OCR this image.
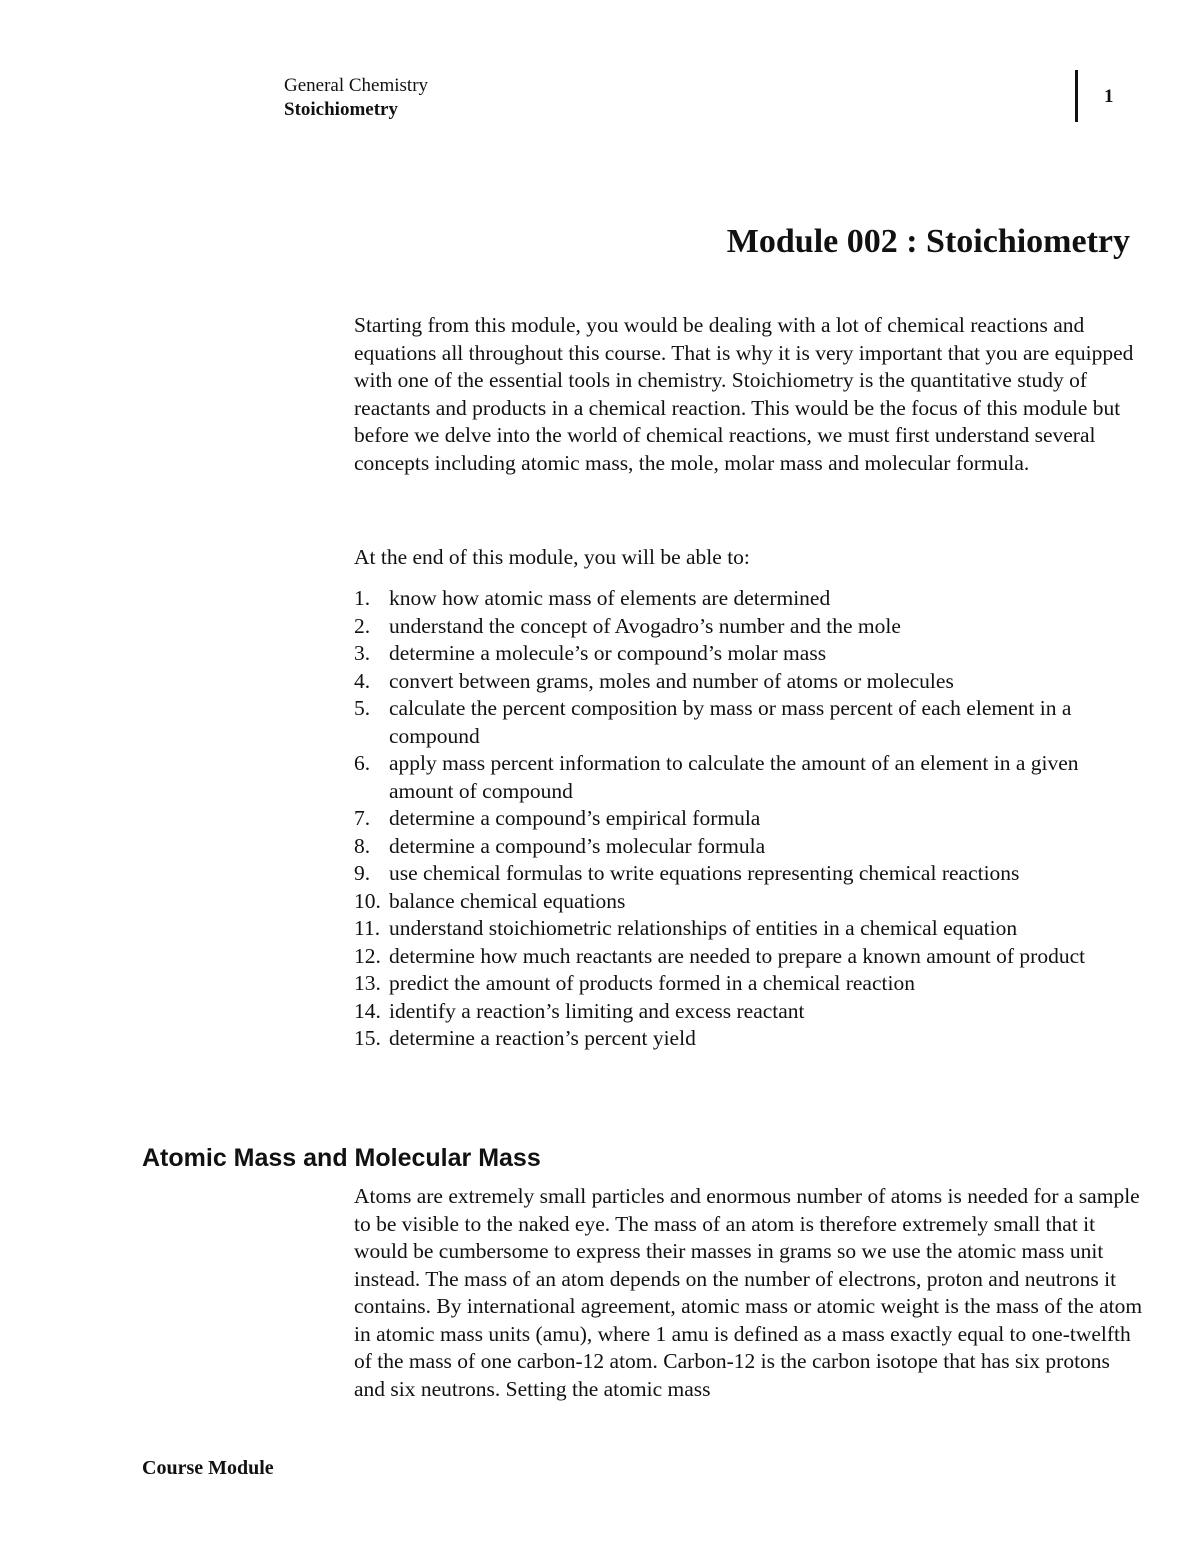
General Chemistry
Stoichiometry
1
Module 002 : Stoichiometry

Starting from this module, you would be dealing with a lot of chemical reactions and equations all throughout this course. That is why it is very important that you are equipped with one of the essential tools in chemistry. Stoichiometry is the quantitative study of reactants and products in a chemical reaction. This would be the focus of this module but before we delve into the world of chemical reactions, we must first understand several concepts including atomic mass, the mole, molar mass and molecular formula.

At the end of this module, you will be able to:

1. know how atomic mass of elements are determined
2. understand the concept of Avogadro’s number and the mole
3. determine a molecule’s or compound’s molar mass
4. convert between grams, moles and number of atoms or molecules
5. calculate the percent composition by mass or mass percent of each element in a compound
6. apply mass percent information to calculate the amount of an element in a given amount of compound
7. determine a compound’s empirical formula
8. determine a compound’s molecular formula
9. use chemical formulas to write equations representing chemical reactions
10. balance chemical equations
11. understand stoichiometric relationships of entities in a chemical equation
12. determine how much reactants are needed to prepare a known amount of product
13. predict the amount of products formed in a chemical reaction
14. identify a reaction’s limiting and excess reactant
15. determine a reaction’s percent yield
Atomic Mass and Molecular Mass

Atoms are extremely small particles and enormous number of atoms is needed for a sample to be visible to the naked eye. The mass of an atom is therefore extremely small that it would be cumbersome to express their masses in grams so we use the atomic mass unit instead. The mass of an atom depends on the number of electrons, proton and neutrons it contains. By international agreement, atomic mass or atomic weight is the mass of the atom in atomic mass units (amu), where 1 amu is defined as a mass exactly equal to one-twelfth of the mass of one carbon-12 atom. Carbon-12 is the carbon isotope that has six protons and six neutrons. Setting the atomic mass

Course Module
